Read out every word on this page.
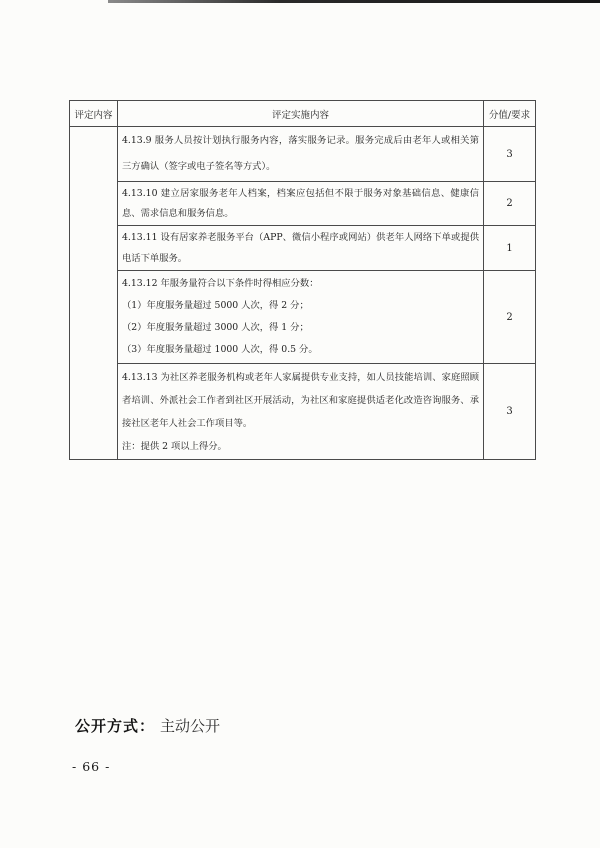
评定内容	评定实施内容	分值/要求

	4.13.9 服务人员按计划执行服务内容，落实服务记录。服务完成后由老年人或相关第三方确认（签字或电子签名等方式）。	3

	4.13.10 建立居家服务老年人档案，档案应包括但不限于服务对象基础信息、健康信息、需求信息和服务信息。	2

	4.13.11 设有居家养老服务平台（APP、微信小程序或网站）供老年人网络下单或提供电话下单服务。	1

	4.13.12 年服务量符合以下条件时得相应分数：

（1）年度服务量超过 5000 人次，得 2 分；

（2）年度服务量超过 3000 人次，得 1 分；

（3）年度服务量超过 1000 人次，得 0.5 分。	2

	4.13.13 为社区养老服务机构或老年人家属提供专业支持，如人员技能培训、家庭照顾者培训、外派社会工作者到社区开展活动，为社区和家庭提供适老化改造咨询服务、承接社区老年人社会工作项目等。

注：提供 2 项以上得分。	3
公开方式： 主动公开
- 66 -
